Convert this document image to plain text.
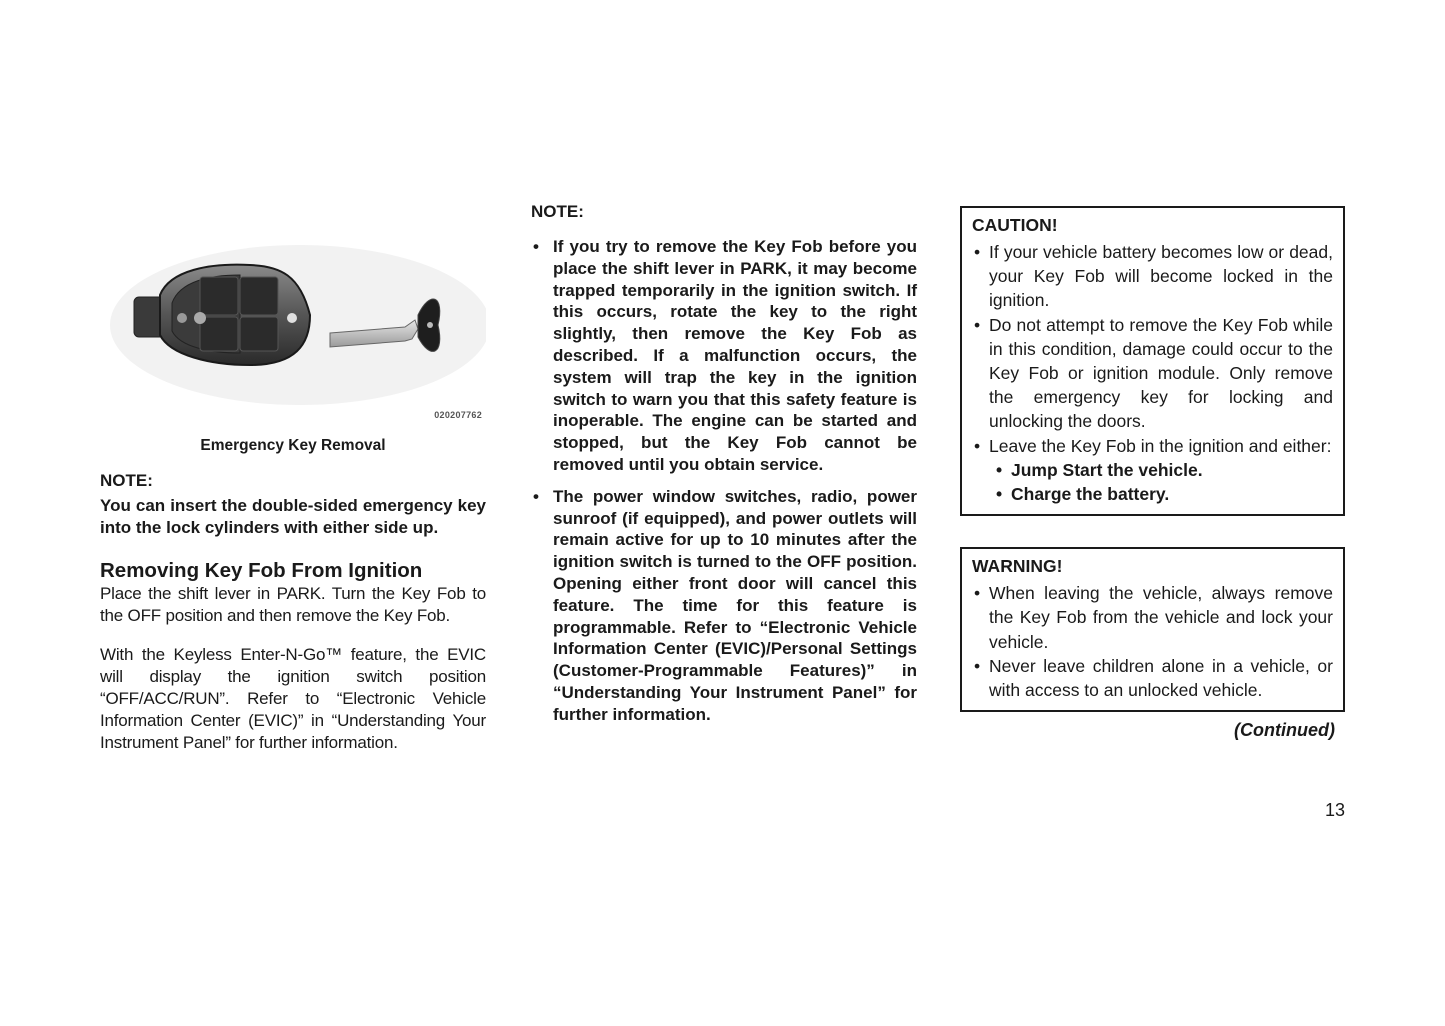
020207762
Emergency Key Removal
NOTE:
You can insert the double-sided emergency key into the lock cylinders with either side up.
Removing Key Fob From Ignition

Place the shift lever in PARK. Turn the Key Fob to the OFF position and then remove the Key Fob.

With the Keyless Enter-N-Go™ feature, the EVIC will display the ignition switch position “OFF/ACC/RUN”. Refer to “Electronic Vehicle Information Center (EVIC)” in “Understanding Your Instrument Panel” for further information.

NOTE:
• If you try to remove the Key Fob before you place the shift lever in PARK, it may become trapped temporarily in the ignition switch. If this occurs, rotate the key to the right slightly, then remove the Key Fob as described. If a malfunction occurs, the system will trap the key in the ignition switch to warn you that this safety feature is inoperable. The engine can be started and stopped, but the Key Fob cannot be removed until you obtain service.
• The power window switches, radio, power sunroof (if equipped), and power outlets will remain active for up to 10 minutes after the ignition switch is turned to the OFF position. Opening either front door will cancel this feature. The time for this feature is programmable. Refer to “Electronic Vehicle Information Center (EVIC)/Personal Settings (Customer-Programmable Features)” in “Understanding Your Instrument Panel” for further information.
CAUTION!
• If your vehicle battery becomes low or dead, your Key Fob will become locked in the ignition.
• Do not attempt to remove the Key Fob while in this condition, damage could occur to the Key Fob or ignition module. Only remove the emergency key for locking and unlocking the doors.
• Leave the Key Fob in the ignition and either:
• Jump Start the vehicle.
• Charge the battery.
WARNING!
• When leaving the vehicle, always remove the Key Fob from the vehicle and lock your vehicle.
• Never leave children alone in a vehicle, or with access to an unlocked vehicle.
(Continued)
13
